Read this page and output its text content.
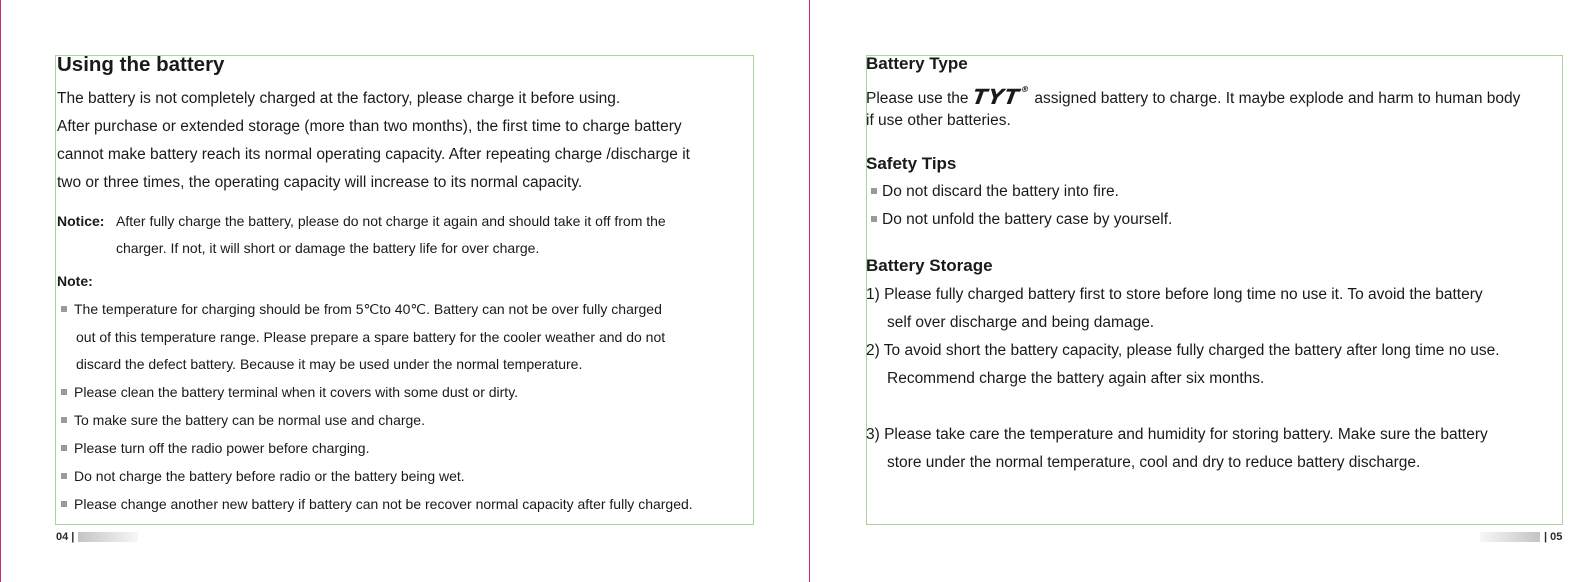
Using the battery
The battery is not completely charged at the factory, please charge it before using.
After purchase or extended storage (more than two months), the first time to charge battery
cannot make battery reach its normal operating capacity. After repeating charge /discharge it
two or three times, the operating capacity will increase to its normal capacity.
Notice: After fully charge the battery, please do not charge it again and should take it off from the
charger. If not, it will short or damage the battery life for over charge.
Note:
The temperature for charging should be from 5℃to 40℃. Battery can not be over fully charged
out of this temperature range. Please prepare a spare battery for the cooler weather and do not
discard the defect battery. Because it may be used under the normal temperature.
Please clean the battery terminal when it covers with some dust or dirty.
To make sure the battery can be normal use and charge.
Please turn off the radio power before charging.
Do not charge the battery before radio or the battery being wet.
Please change another new battery if battery can not be recover normal capacity after fully charged.
04 |
Battery Type
Please use theTYT®assigned battery to charge. It maybe explode and harm to human body
if use other batteries.
Safety Tips
Do not discard the battery into fire.
Do not unfold the battery case by yourself.
Battery Storage
1) Please fully charged battery first to store before long time no use it. To avoid the battery
self over discharge and being damage.
2) To avoid short the battery capacity, please fully charged the battery after long time no use.
Recommend charge the battery again after six months.
3) Please take care the temperature and humidity for storing battery. Make sure the battery
store under the normal temperature, cool and dry to reduce battery discharge.
| 05
